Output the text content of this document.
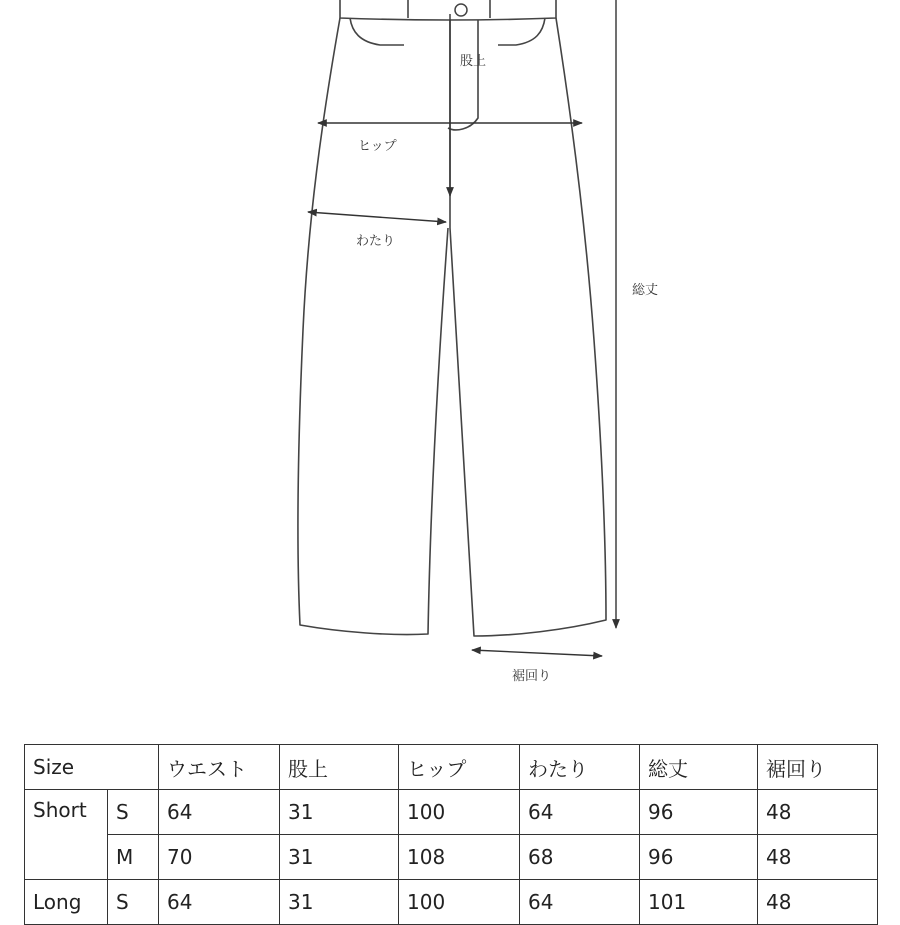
股上
ヒップ
わたり
総丈
裾回り
Size		ウエスト	股上	ヒップ	わたり	総丈	裾回り
Short	S	64	31	100	64	96	48
	M	70	31	108	68	96	48
Long	S	64	31	100	64	101	48
